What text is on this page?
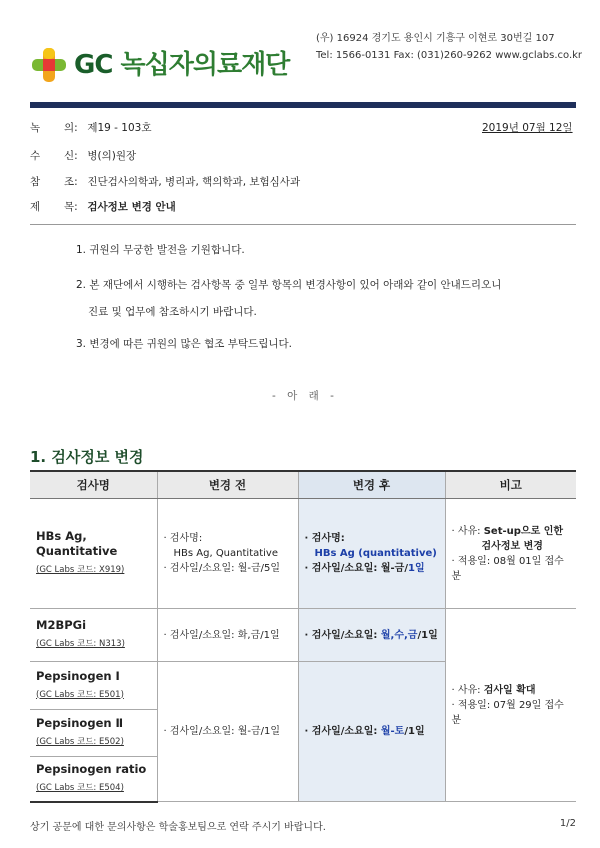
GC 녹십자의료재단
(우) 16924 경기도 용인시 기흥구 이현로 30번길 107
Tel: 1566-0131 Fax: (031)260-9262 www.gclabs.co.kr
녹 의: 제19 - 103호	2019년 07월 12일
수 신: 병(의)원장
참 조: 진단검사의학과, 병리과, 핵의학과, 보험심사과
제 목: 검사정보 변경 안내

1. 귀원의 무궁한 발전을 기원합니다.

2. 본 재단에서 시행하는 검사항목 중 일부 항목의 변경사항이 있어 아래와 같이 안내드리오니

진료 및 업무에 참조하시기 바랍니다.

3. 변경에 따른 귀원의 많은 협조 부탁드립니다.

- 아 래 -
1. 검사정보 변경
검사명	변경 전	변경 후	비고

HBs Ag, Quantitative
(GC Labs 코드: X919)	· 검사명:
HBs Ag, Quantitative
· 검사일/소요일: 월-금/5일	· 검사명:
HBs Ag (quantitative)
· 검사일/소요일: 월-금/1일	· 사유: Set-up으로 인한
검사정보 변경
· 적용일: 08월 01일 접수분

M2BPGi
(GC Labs 코드: N313)	· 검사일/소요일: 화,금/1일	· 검사일/소요일: 월,수,금/1일	· 사유: 검사일 확대
· 적용일: 07월 29일 접수분

Pepsinogen Ⅰ
(GC Labs 코드: E501)	· 검사일/소요일: 월-금/1일	· 검사일/소요일: 월-토/1일	

Pepsinogen Ⅱ
(GC Labs 코드: E502)			

Pepsinogen ratio
(GC Labs 코드: E504)			
상기 공문에 대한 문의사항은 학술홍보팀으로 연락 주시기 바랍니다.	1/2
